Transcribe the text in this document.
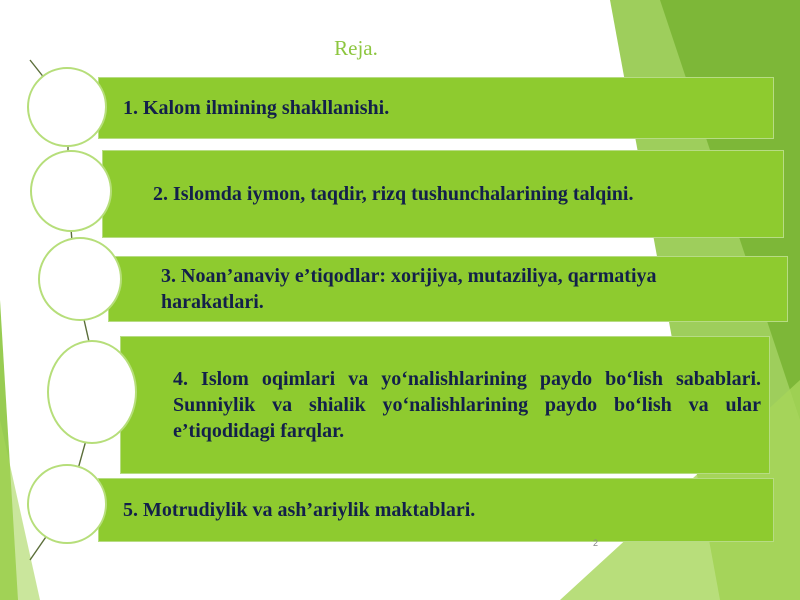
Reja.
1. Kalom ilmining shakllanishi.
2. Islomda iymon, taqdir, rizq tushunchalarining talqini.
3. Noan’anaviy e’tiqodlar: xorijiya, mutaziliya, qarmatiya harakatlari.
4. Islom oqimlari va yo‘nalishlarining paydo bo‘lish sabablari. Sunniylik va shialik yo‘nalishlarining paydo bo‘lish va ular e’tiqodidagi farqlar.
5. Motrudiylik va ash’ariylik maktablari.
2
